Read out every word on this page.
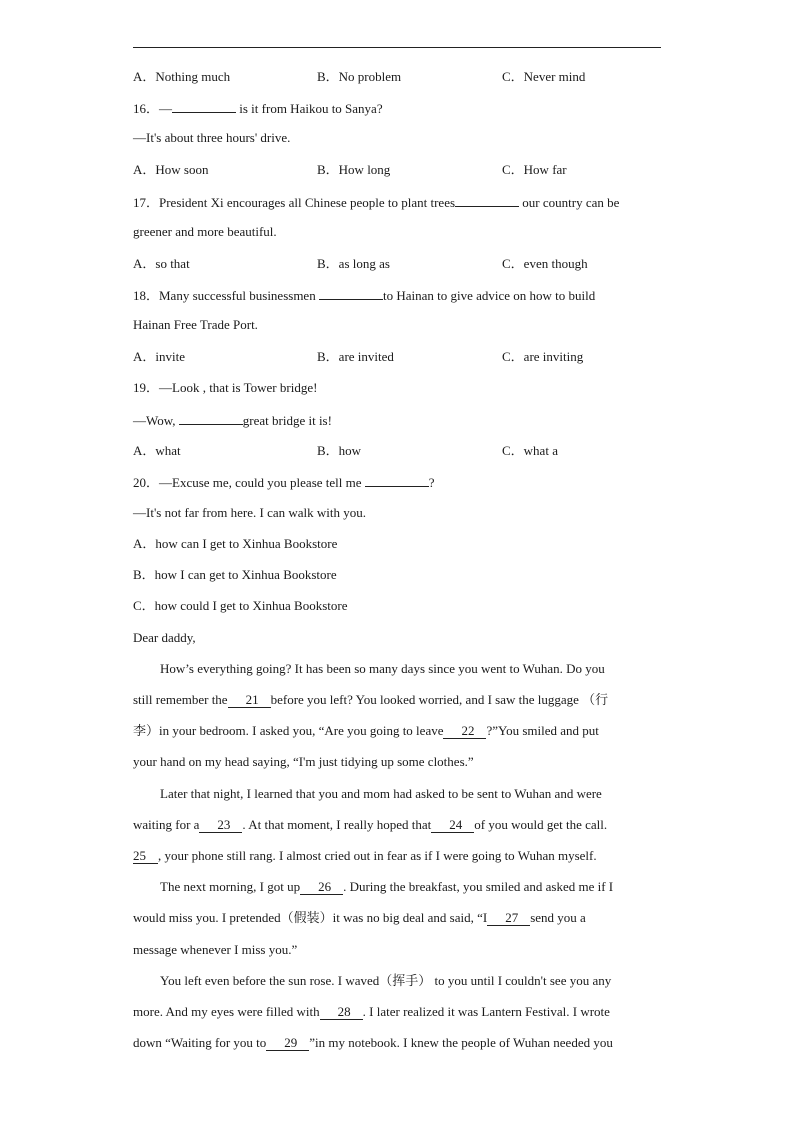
A．Nothing much	B．No problem	C．Never mind
16．—	is it from Haikou to Sanya?
—It's about three hours' drive.
A．How soon	B．How long	C．How far
17．President Xi encourages all Chinese people to plant trees	our country can be
greener and more beautiful.
A．so that	B．as long as	C．even though
18．Many successful businessmen	to Hainan to give advice on how to build
Hainan Free Trade Port.
A．invite	B．are invited	C．are inviting
19．—Look , that is Tower bridge!
—Wow,	great bridge it is!
A．what	B．how	C．what a
20．—Excuse me, could you please tell me	?
—It's not far from here. I can walk with you.
A．how can I get to Xinhua Bookstore
B．how I can get to Xinhua Bookstore
C．how could I get to Xinhua Bookstore
Dear daddy,
How’s everything going? It has been so many days since you went to Wuhan. Do you
still remember the 21 before you left? You looked worried, and I saw the luggage （行
李）in your bedroom. I asked you, “Are you going to leave 22 ?”You smiled and put
your hand on my head saying, “I'm just tidying up some clothes.”
Later that night, I learned that you and mom had asked to be sent to Wuhan and were
waiting for a 23 . At that moment, I really hoped that 24 of you would get the call.
25 , your phone still rang. I almost cried out in fear as if I were going to Wuhan myself.
The next morning, I got up 26 . During the breakfast, you smiled and asked me if I
would miss you. I pretended（假装）it was no big deal and said, “I 27 send you a
message whenever I miss you.”
You left even before the sun rose. I waved（挥手） to you until I couldn't see you any
more. And my eyes were filled with 28 . I later realized it was Lantern Festival. I wrote
down “Waiting for you to 29 ”in my notebook. I knew the people of Wuhan needed you
